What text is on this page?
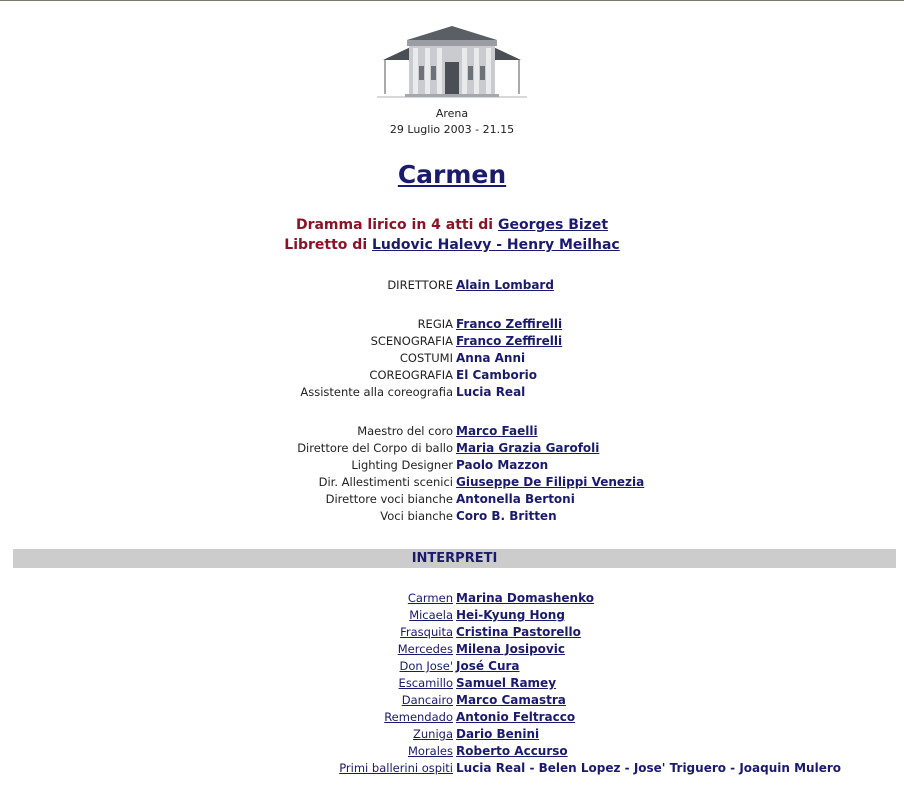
Arena
29 Luglio 2003 - 21.15
Carmen
Dramma lirico in 4 atti di Georges Bizet
Libretto di Ludovic Halevy - Henry Meilhac
DIRETTORE Alain Lombard
REGIA Franco Zeffirelli
SCENOGRAFIA Franco Zeffirelli
COSTUMI Anna Anni
COREOGRAFIA El Camborio
Assistente alla coreografia Lucia Real
Maestro del coro Marco Faelli
Direttore del Corpo di ballo Maria Grazia Garofoli
Lighting Designer Paolo Mazzon
Dir. Allestimenti scenici Giuseppe De Filippi Venezia
Direttore voci bianche Antonella Bertoni
Voci bianche Coro B. Britten
INTERPRETI
Carmen Marina Domashenko
Micaela Hei-Kyung Hong
Frasquita Cristina Pastorello
Mercedes Milena Josipovic
Don Jose' José Cura
Escamillo Samuel Ramey
Dancairo Marco Camastra
Remendado Antonio Feltracco
Zuniga Dario Benini
Morales Roberto Accurso
Primi ballerini ospiti Lucia Real - Belen Lopez - Jose' Triguero - Joaquin Mulero
